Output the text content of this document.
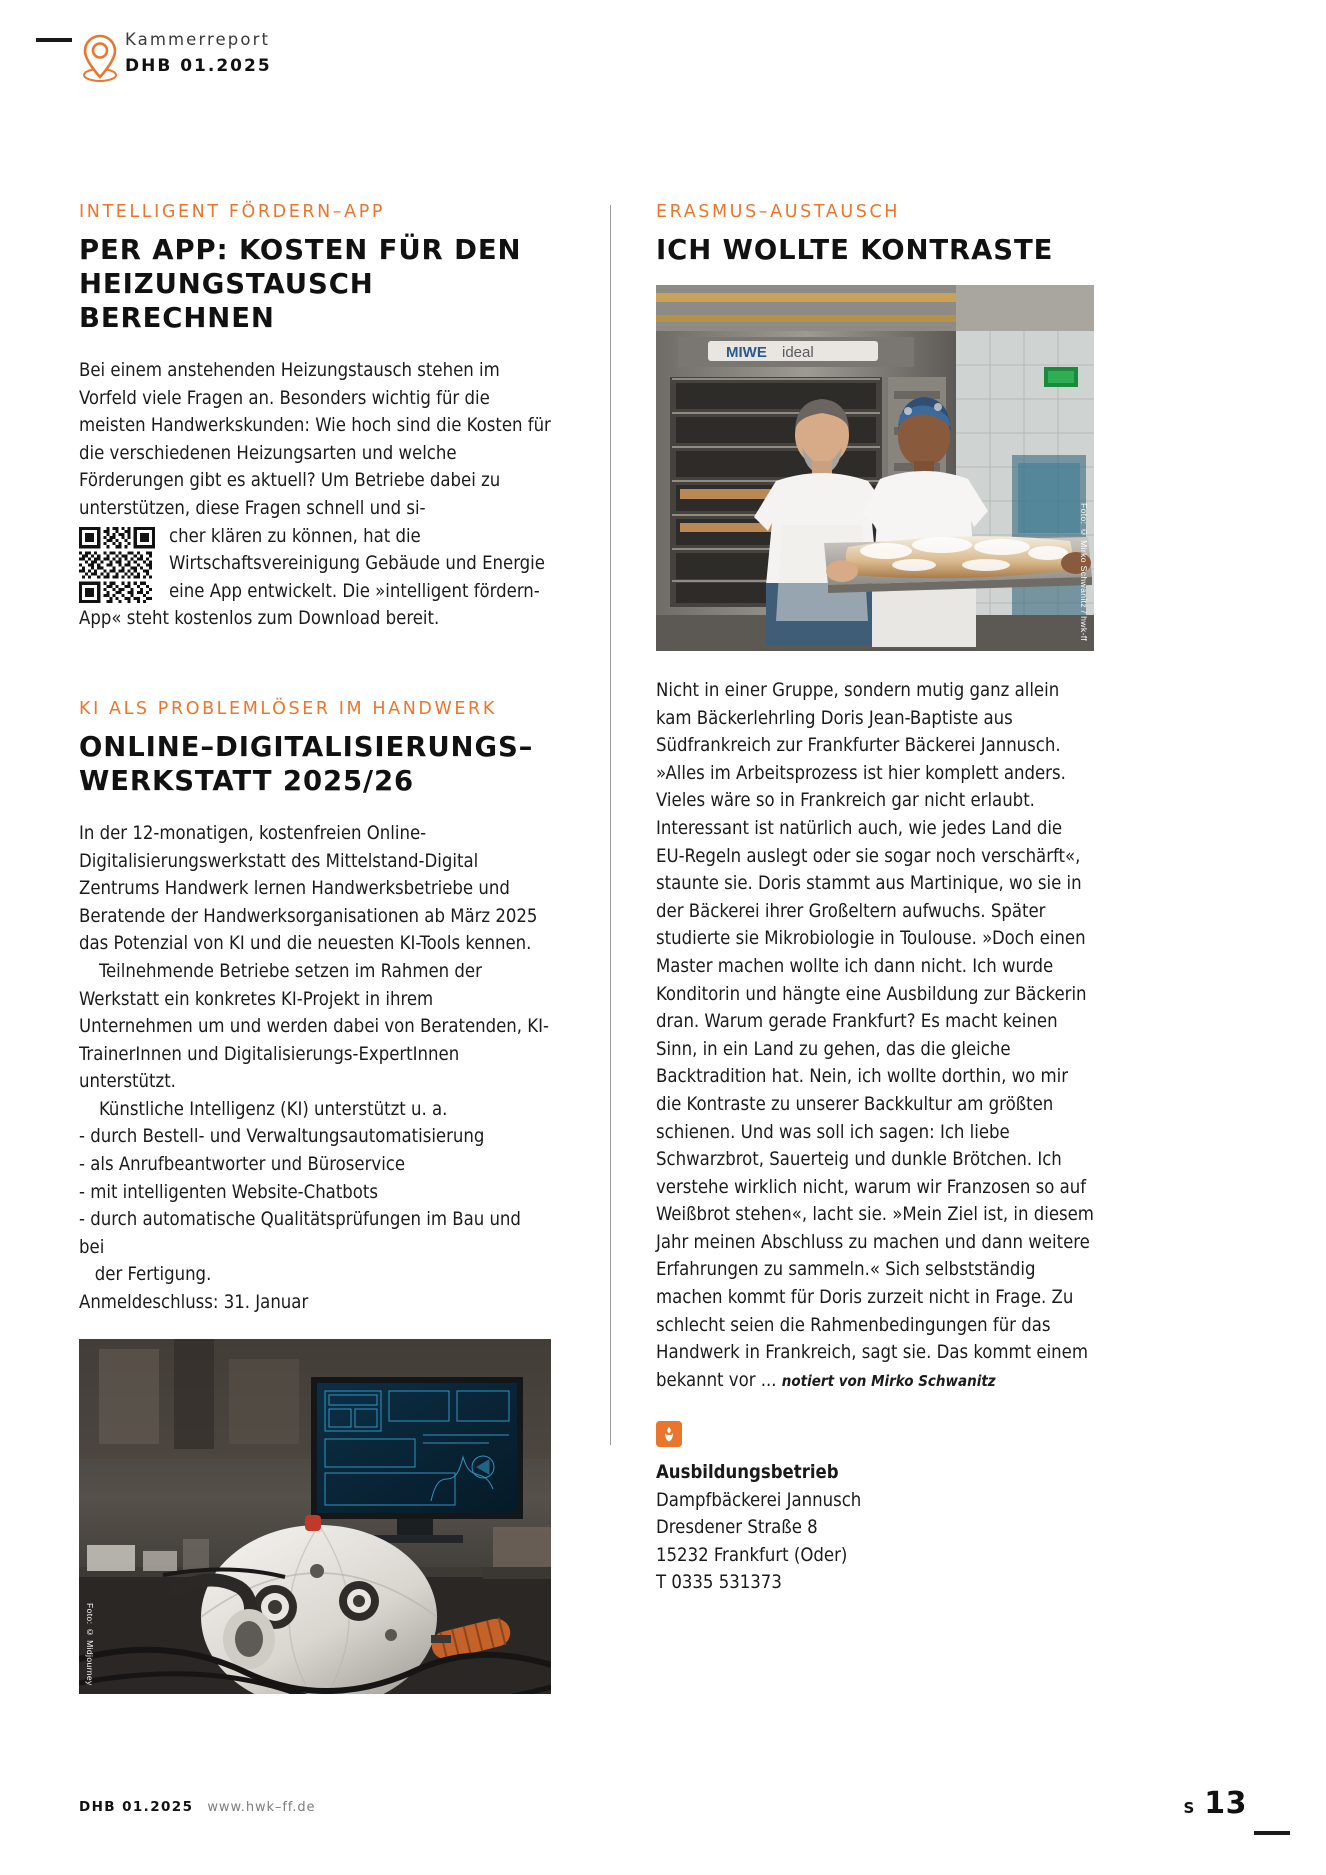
Kammerreport
DHB 01.2025
INTELLIGENT FÖRDERN–APP
PER APP: KOSTEN FÜR DEN
HEIZUNGSTAUSCH BERECHNEN

Bei einem anstehenden Heizungstausch stehen im Vorfeld viele Fragen an. Besonders wichtig für die meisten Handwerkskunden: Wie hoch sind die Kosten für die verschiedenen Heizungsarten und welche Förderungen gibt es aktuell? Um Betriebe dabei zu unterstützen, diese Fragen schnell und si-

cher klären zu können, hat die Wirtschaftsvereinigung Gebäude und Energie eine App entwickelt. Die »intelligent fördern-App« steht kostenlos zum Download bereit.

KI ALS PROBLEMLÖSER IM HANDWERK
ONLINE–DIGITALISIERUNGS–
WERKSTATT 2025/26

In der 12-monatigen, kostenfreien Online-Digitalisierungswerkstatt des Mittelstand-Digital Zentrums Handwerk lernen Handwerksbetriebe und Beratende der Handwerksorganisationen ab März 2025 das Potenzial von KI und die neuesten KI-Tools kennen.

Teilnehmende Betriebe setzen im Rahmen der Werkstatt ein konkretes KI-Projekt in ihrem Unternehmen um und werden dabei von Beratenden, KI-TrainerInnen und Digitalisierungs-ExpertInnen unterstützt.

Künstliche Intelligenz (KI) unterstützt u. a.

- durch Bestell- und Verwaltungsautomatisierung

- als Anrufbeantworter und Büroservice

- mit intelligenten Website-Chatbots

- durch automatische Qualitätsprüfungen im Bau und bei

der Fertigung.

Anmeldeschluss: 31. Januar

Foto: © Midjourney
ERASMUS–AUSTAUSCH
ICH WOLLTE KONTRASTE
MIWE ideal
Foto: © Mirko Schwanitz / hwk-ff

Nicht in einer Gruppe, sondern mutig ganz allein kam Bäckerlehrling Doris Jean-Baptiste aus Südfrankreich zur Frankfurter Bäckerei Jannusch. »Alles im Arbeitsprozess ist hier komplett anders. Vieles wäre so in Frankreich gar nicht erlaubt. Interessant ist natürlich auch, wie jedes Land die EU-Regeln auslegt oder sie sogar noch verschärft«, staunte sie. Doris stammt aus Martinique, wo sie in der Bäckerei ihrer Großeltern aufwuchs. Später studierte sie Mikrobiologie in Toulouse. »Doch einen Master machen wollte ich dann nicht. Ich wurde Konditorin und hängte eine Ausbildung zur Bäckerin dran. Warum gerade Frankfurt? Es macht keinen Sinn, in ein Land zu gehen, das die gleiche Backtradition hat. Nein, ich wollte dorthin, wo mir die Kontraste zu unserer Backkultur am größten schienen. Und was soll ich sagen: Ich liebe Schwarzbrot, Sauerteig und dunkle Brötchen. Ich verstehe wirklich nicht, warum wir Franzosen so auf Weißbrot stehen«, lacht sie. »Mein Ziel ist, in diesem Jahr meinen Abschluss zu machen und dann weitere Erfahrungen zu sammeln.« Sich selbstständig machen kommt für Doris zurzeit nicht in Frage. Zu schlecht seien die Rahmenbedingungen für das Handwerk in Frankreich, sagt sie. Das kommt einem bekannt vor ... notiert von Mirko Schwanitz

Ausbildungsbetrieb
Dampfbäckerei Jannusch
Dresdener Straße 8
15232 Frankfurt (Oder)
T 0335 531373
DHB 01.2025 www.hwk–ff.de	S 13
